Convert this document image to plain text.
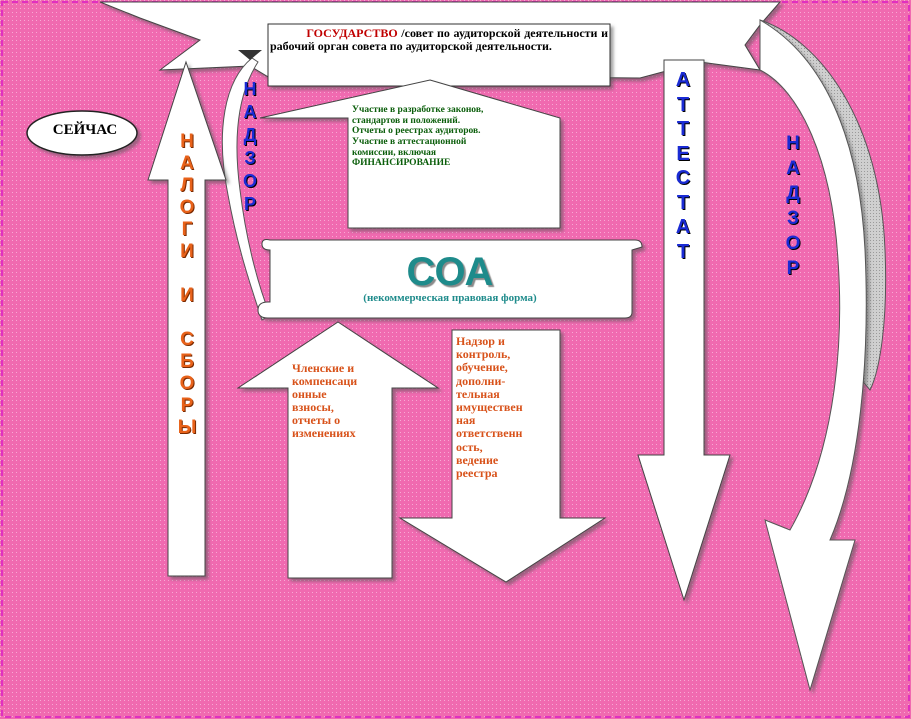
ГОСУДАРСТВО /совет по аудиторской деятельности и рабочий орган совета по аудиторской деятельности.
СЕЙЧАС
Участие в разработке законов,
стандартов и положений.
Отчеты о реестрах аудиторов.
Участие в аттестационной
комиссии, включая
ФИНАНСИРОВАНИЕ
СОА
(некоммерческая правовая форма)
Н
А
Л
О
Г
И
И
С
Б
О
Р
Ы
Н
А
Д
З
О
Р
А
Т
Т
Е
С
Т
А
Т
Н
А
Д
З
О
Р
Членские и
компенсаци
онные
взносы,
отчеты о
изменениях
Надзор и
контроль,
обучение,
дополни-
тельная
имуществен
ная
ответственн
ость,
ведение
реестра
